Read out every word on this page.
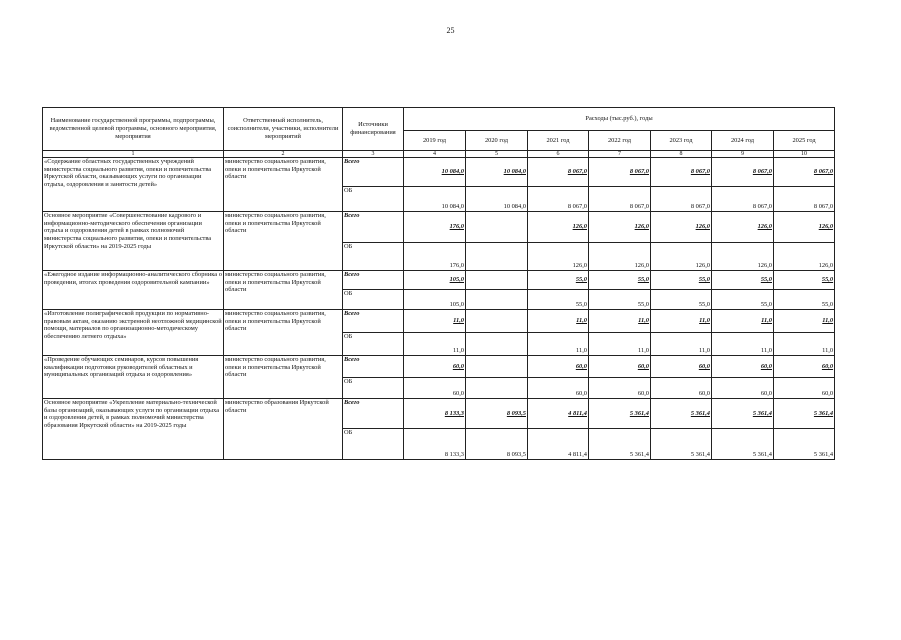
25
Наименование государственной программы, подпрограммы, ведомственной целевой программы, основного мероприятия, мероприятия	Ответственный исполнитель, соисполнители, участники, исполнители мероприятий	Источники финансирования	Расходы (тыс.руб.), годы						
			2019 год	2020 год	2021 год	2022 год	2023 год	2024 год	2025 год
1	2	3	4	5	6	7	8	9	10
«Содержание областных государственных учреждений министерства социального развития, опеки и попечительства Иркутской области, оказывающих услуги по организации отдыха, оздоровления и занятости детей»	министерство социального развития, опеки и попечительства Иркутской области	Всего	10 084,0	10 084,0	8 067,0	8 067,0	8 067,0	8 067,0	8 067,0
		ОБ	10 084,0	10 084,0	8 067,0	8 067,0	8 067,0	8 067,0	8 067,0
Основное мероприятие «Совершенствование кадрового и информационно-методического обеспечения организации отдыха и оздоровления детей в рамках полномочий министерства социального развития, опеки и попечительства Иркутской области» на 2019-2025 годы	министерство социального развития, опеки и попечительства Иркутской области	Всего	176,0		126,0	126,0	126,0	126,0	126,0
		ОБ	176,0		126,0	126,0	126,0	126,0	126,0
«Ежегодное издание информационно-аналитического сборника о проведении, итогах проведения оздоровительной кампании»	министерство социального развития, опеки и попечительства Иркутской области	Всего	105,0		55,0	55,0	55,0	55,0	55,0
		ОБ	105,0		55,0	55,0	55,0	55,0	55,0
«Изготовление полиграфической продукции по нормативно-правовым актам, оказанию экстренной неотложной медицинской помощи, материалов по организационно-методическому обеспечению летнего отдыха»	министерство социального развития, опеки и попечительства Иркутской области	Всего	11,0		11,0	11,0	11,0	11,0	11,0
		ОБ	11,0		11,0	11,0	11,0	11,0	11,0
«Проведение обучающих семинаров, курсов повышения квалификации подготовки руководителей областных и муниципальных организаций отдыха и оздоровления»	министерство социального развития, опеки и попечительства Иркутской области	Всего	60,0		60,0	60,0	60,0	60,0	60,0
		ОБ	60,0		60,0	60,0	60,0	60,0	60,0
Основное мероприятие «Укрепление материально-технической базы организаций, оказывающих услуги по организации отдыха и оздоровления детей, в рамках полномочий министерства образования Иркутской области» на 2019-2025 годы	министерство образования Иркутской области	Всего	8 133,3	8 093,5	4 811,4	5 361,4	5 361,4	5 361,4	5 361,4
		ОБ	8 133,3	8 093,5	4 811,4	5 361,4	5 361,4	5 361,4	5 361,4
